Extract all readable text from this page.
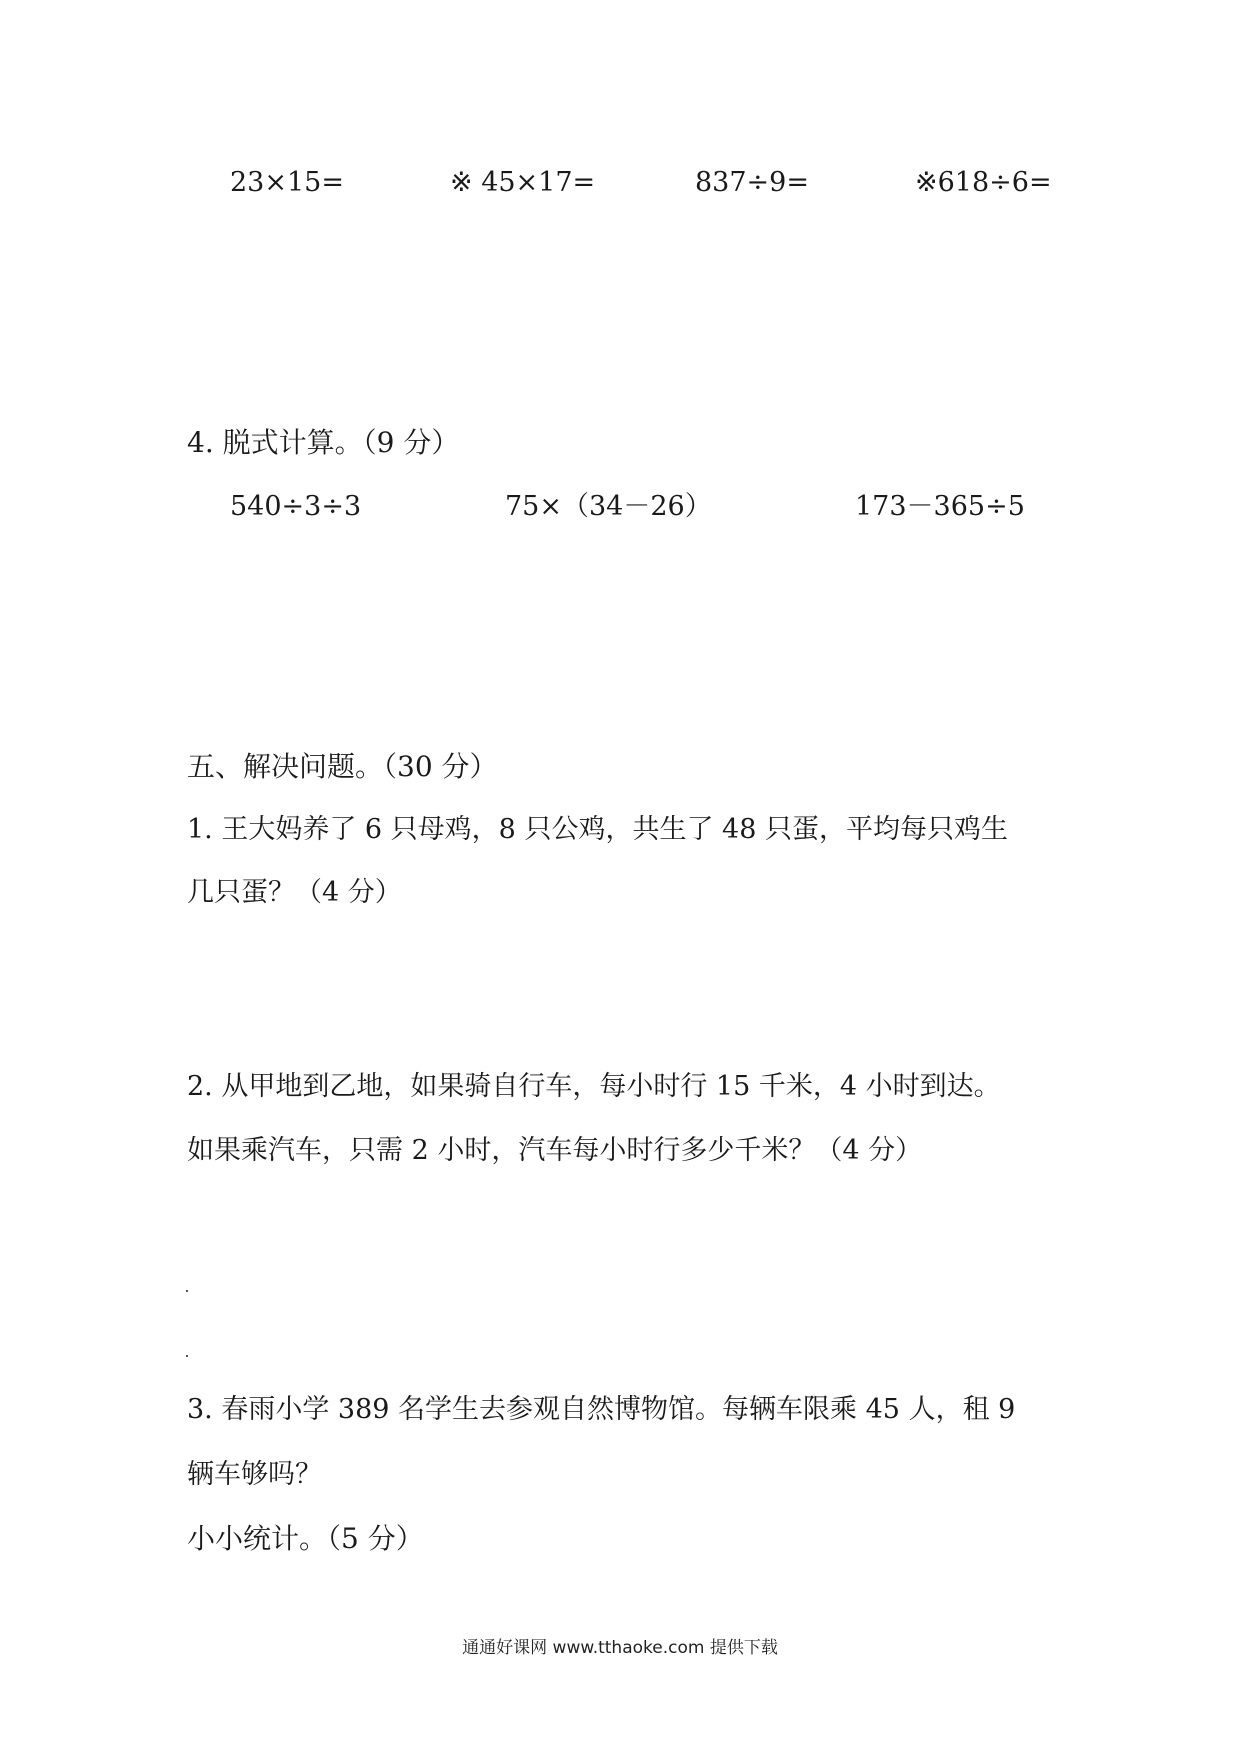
23×15=	※ 45×17=	837÷9=	※618÷6=
4. 脱式计算。（9 分）
540÷3÷3	75×（34－26）	173－365÷5
五、解决问题。（30 分）
1. 王大妈养了 6 只母鸡，8 只公鸡，共生了 48 只蛋，平均每只鸡生
几只蛋？（4 分）
2. 从甲地到乙地，如果骑自行车，每小时行 15 千米，4 小时到达。
如果乘汽车，只需 2 小时，汽车每小时行多少千米？（4 分）
3. 春雨小学 389 名学生去参观自然博物馆。每辆车限乘 45 人，租 9
辆车够吗？
小小统计。（5 分）
通通好课网 www.tthaoke.com 提供下载
